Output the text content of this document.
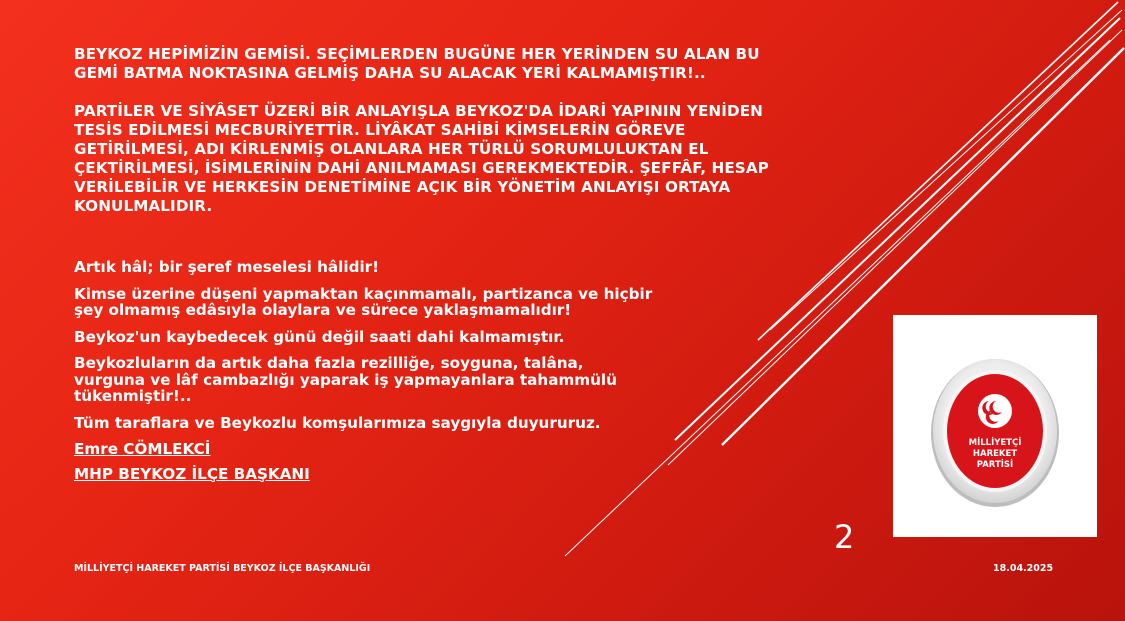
BEYKOZ HEPİMİZİN GEMİSİ. SEÇİMLERDEN BUGÜNE HER YERİNDEN SU ALAN BU GEMİ BATMA NOKTASINA GELMİŞ DAHA SU ALACAK YERİ KALMAMIŞTIR!..

PARTİLER VE SİYÂSET ÜZERİ BİR ANLAYIŞLA BEYKOZ'DA İDARİ YAPININ YENİDEN TESİS EDİLMESİ MECBURİYETTİR. LİYÂKAT SAHİBİ KİMSELERİN GÖREVE GETİRİLMESİ, ADI KİRLENMİŞ OLANLARA HER TÜRLÜ SORUMLULUKTAN EL ÇEKTİRİLMESİ, İSİMLERİNİN DAHİ ANILMAMASI GEREKMEKTEDİR. ŞEFFÂF, HESAP VERİLEBİLİR VE HERKESİN DENETİMİNE AÇIK BİR YÖNETİM ANLAYIŞI ORTAYA KONULMALIDIR.

Artık hâl; bir şeref meselesi hâlidir!

Kimse üzerine düşeni yapmaktan kaçınmamalı, partizanca ve hiçbir şey olmamış edâsıyla olaylara ve sürece yaklaşmamalıdır!

Beykoz'un kaybedecek günü değil saati dahi kalmamıştır.

Beykozluların da artık daha fazla rezilliğe, soyguna, talâna, vurguna ve lâf cambazlığı yaparak iş yapmayanlara tahammülü tükenmiştir!..

Tüm taraflara ve Beykozlu komşularımıza saygıyla duyururuz.

Emre CÖMLEKCİ

MHP BEYKOZ İLÇE BAŞKANI

MİLLİYETÇİ
HAREKET
PARTİSİ
2
MİLLİYETÇİ HAREKET PARTİSİ BEYKOZ İLÇE BAŞKANLIĞI	18.04.2025
